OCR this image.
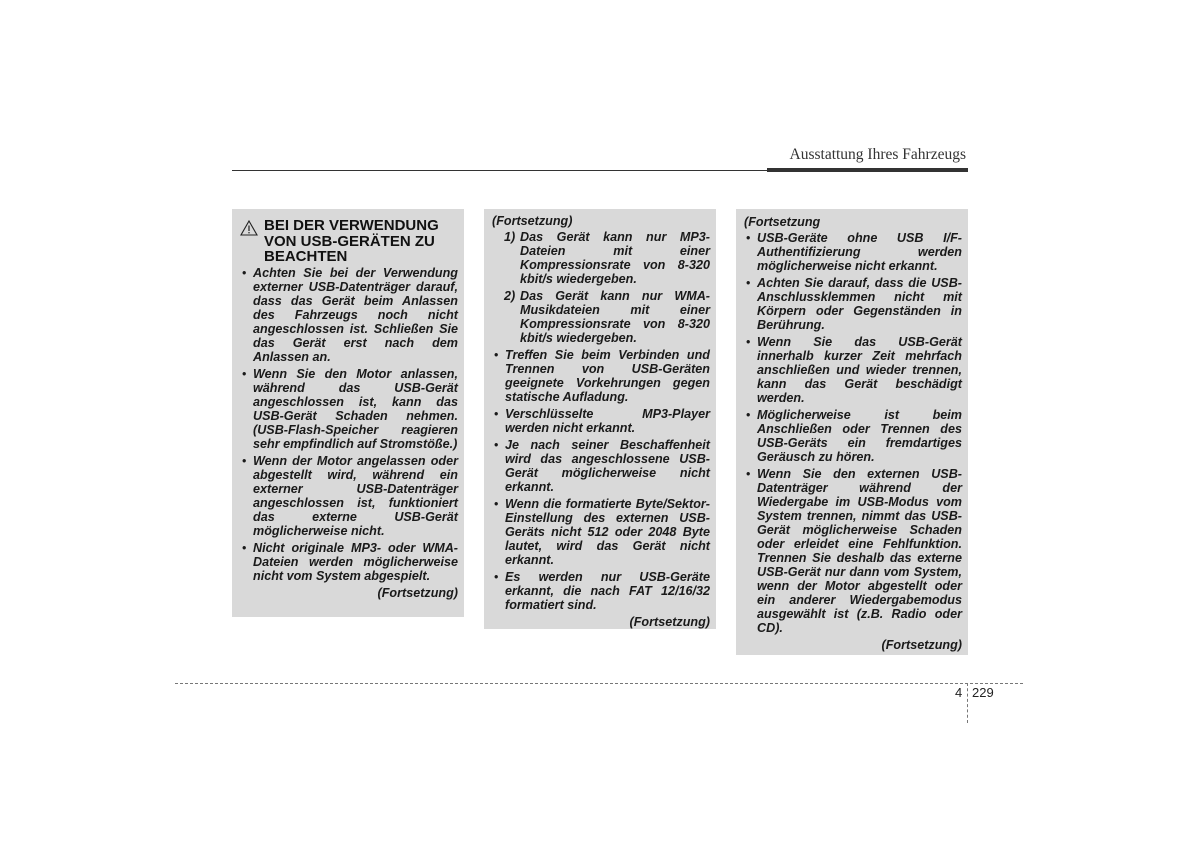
Ausstattung Ihres Fahrzeugs
BEI DER VERWENDUNG VON USB-GERÄTEN ZU BEACHTEN
• Achten Sie bei der Verwendung externer USB-Datenträger darauf, dass das Gerät beim Anlassen des Fahrzeugs noch nicht angeschlossen ist. Schließen Sie das Gerät erst nach dem Anlassen an.
• Wenn Sie den Motor anlassen, während das USB-Gerät angeschlossen ist, kann das USB-Gerät Schaden nehmen. (USB-Flash-Speicher reagieren sehr empfindlich auf Stromstöße.)
• Wenn der Motor angelassen oder abgestellt wird, während ein externer USB-Datenträger angeschlossen ist, funktioniert das externe USB-Gerät möglicherweise nicht.
• Nicht originale MP3- oder WMA-Dateien werden möglicherweise nicht vom System abgespielt.
(Fortsetzung)
(Fortsetzung)
1) Das Gerät kann nur MP3-Dateien mit einer Kompressionsrate von 8-320 kbit/s wiedergeben.
2) Das Gerät kann nur WMA-Musikdateien mit einer Kompressionsrate von 8-320 kbit/s wiedergeben.
• Treffen Sie beim Verbinden und Trennen von USB-Geräten geeignete Vorkehrungen gegen statische Aufladung.
• Verschlüsselte MP3-Player werden nicht erkannt.
• Je nach seiner Beschaffenheit wird das angeschlossene USB-Gerät möglicherweise nicht erkannt.
• Wenn die formatierte Byte/Sektor-Einstellung des externen USB-Geräts nicht 512 oder 2048 Byte lautet, wird das Gerät nicht erkannt.
• Es werden nur USB-Geräte erkannt, die nach FAT 12/16/32 formatiert sind.
(Fortsetzung)
(Fortsetzung
• USB-Geräte ohne USB I/F-Authentifizierung werden möglicherweise nicht erkannt.
• Achten Sie darauf, dass die USB-Anschlussklemmen nicht mit Körpern oder Gegenständen in Berührung.
• Wenn Sie das USB-Gerät innerhalb kurzer Zeit mehrfach anschließen und wieder trennen, kann das Gerät beschädigt werden.
• Möglicherweise ist beim Anschließen oder Trennen des USB-Geräts ein fremdartiges Geräusch zu hören.
• Wenn Sie den externen USB-Datenträger während der Wiedergabe im USB-Modus vom System trennen, nimmt das USB-Gerät möglicherweise Schaden oder erleidet eine Fehlfunktion. Trennen Sie deshalb das externe USB-Gerät nur dann vom System, wenn der Motor abgestellt oder ein anderer Wiedergabemodus ausgewählt ist (z.B. Radio oder CD).
(Fortsetzung)
4 229
